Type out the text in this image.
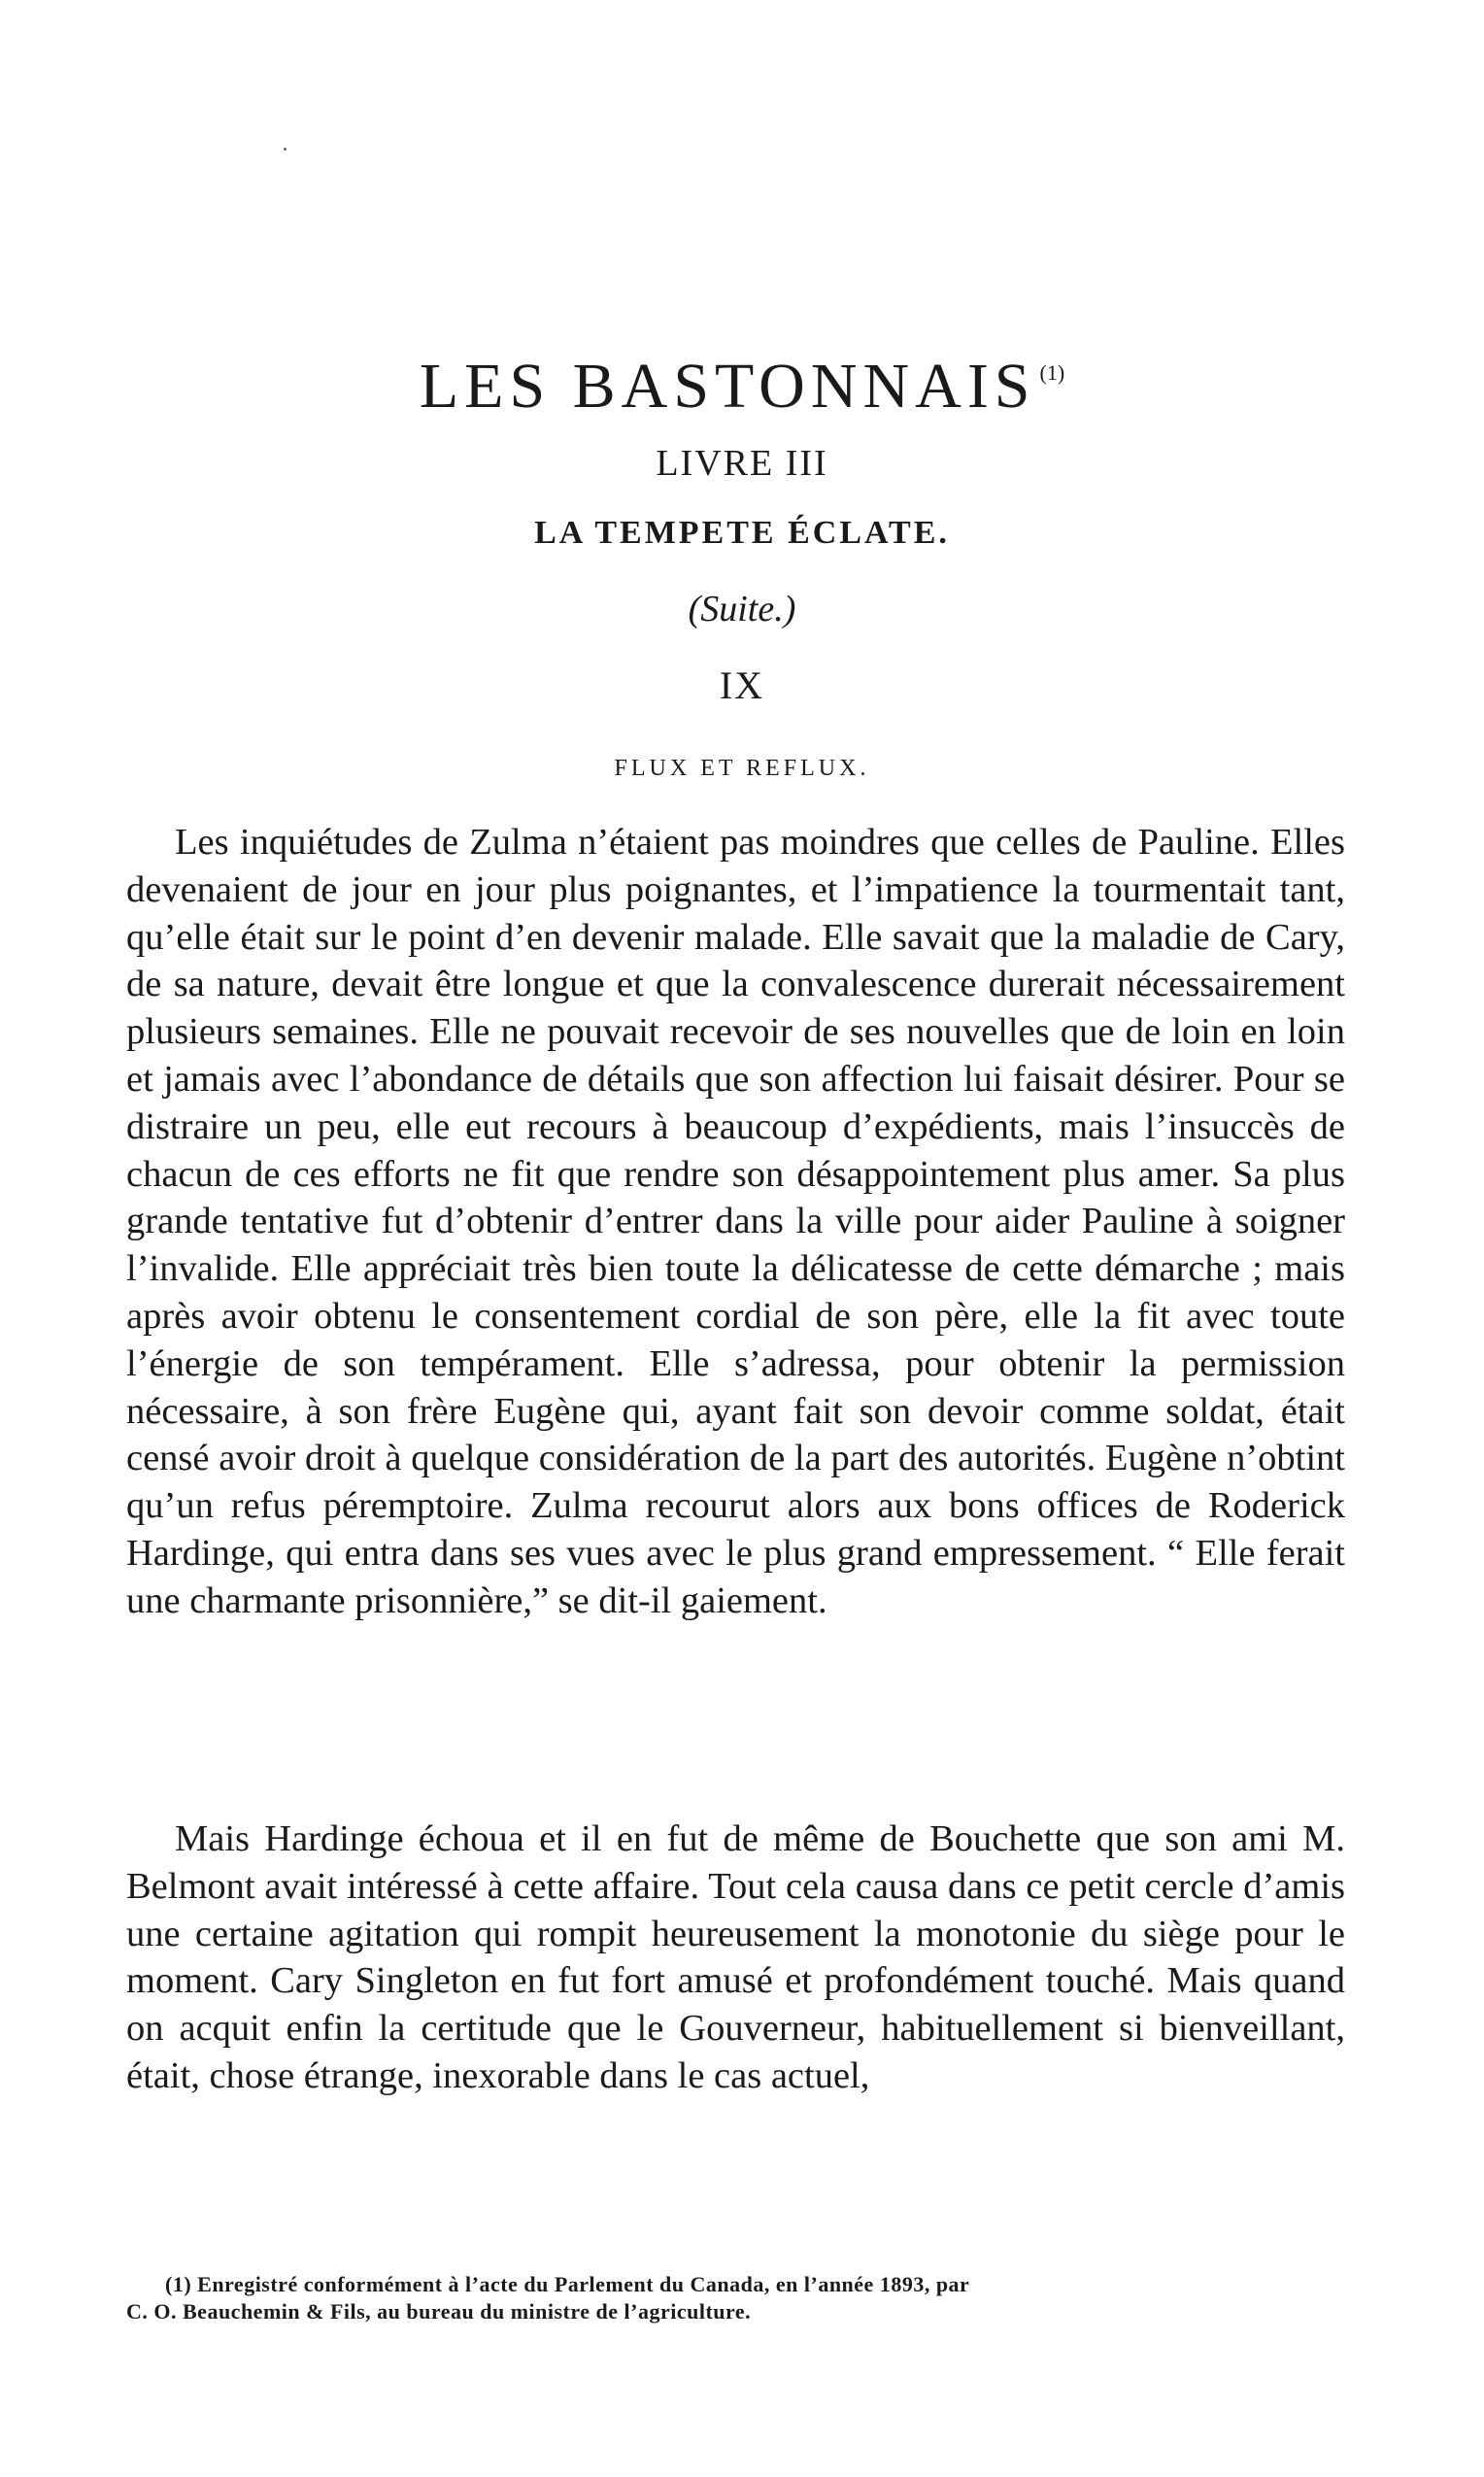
LES BASTONNAIS $^{(1)}$
LIVRE III
LA TEMPETE ÉCLATE.
(Suite.)
IX
FLUX ET REFLUX.

Les inquiétudes de Zulma n’étaient pas moindres que celles de Pauline. Elles devenaient de jour en jour plus poignantes, et l’impatience la tourmentait tant, qu’elle était sur le point d’en devenir malade. Elle savait que la maladie de Cary, de sa nature, devait être longue et que la convalescence durerait nécessairement plusieurs semaines. Elle ne pouvait recevoir de ses nouvelles que de loin en loin et jamais avec l’abondance de détails que son affection lui faisait désirer. Pour se distraire un peu, elle eut recours à beaucoup d’expédients, mais l’insuccès de chacun de ces efforts ne fit que rendre son désappointement plus amer. Sa plus grande tentative fut d’obtenir d’entrer dans la ville pour aider Pauline à soigner l’invalide. Elle appréciait très bien toute la délicatesse de cette démarche ; mais après avoir obtenu le consentement cordial de son père, elle la fit avec toute l’énergie de son tempérament. Elle s’adressa, pour obtenir la permission nécessaire, à son frère Eugène qui, ayant fait son devoir comme soldat, était censé avoir droit à quelque considération de la part des autorités. Eugène n’obtint qu’un refus péremptoire. Zulma recourut alors aux bons offices de Roderick Hardinge, qui entra dans ses vues avec le plus grand empressement. “ Elle ferait une charmante prisonnière,” se dit-il gaiement.

Mais Hardinge échoua et il en fut de même de Bouchette que son ami M. Belmont avait intéressé à cette affaire. Tout cela causa dans ce petit cercle d’amis une certaine agitation qui rompit heureusement la monotonie du siège pour le moment. Cary Singleton en fut fort amusé et profondément touché. Mais quand on acquit enfin la certitude que le Gouverneur, habituellement si bienveillant, était, chose étrange, inexorable dans le cas actuel,

(1) Enregistré conformément à l’acte du Parlement du Canada, en l’année 1893, par
C. O. Beauchemin & Fils, au bureau du ministre de l’agriculture.
